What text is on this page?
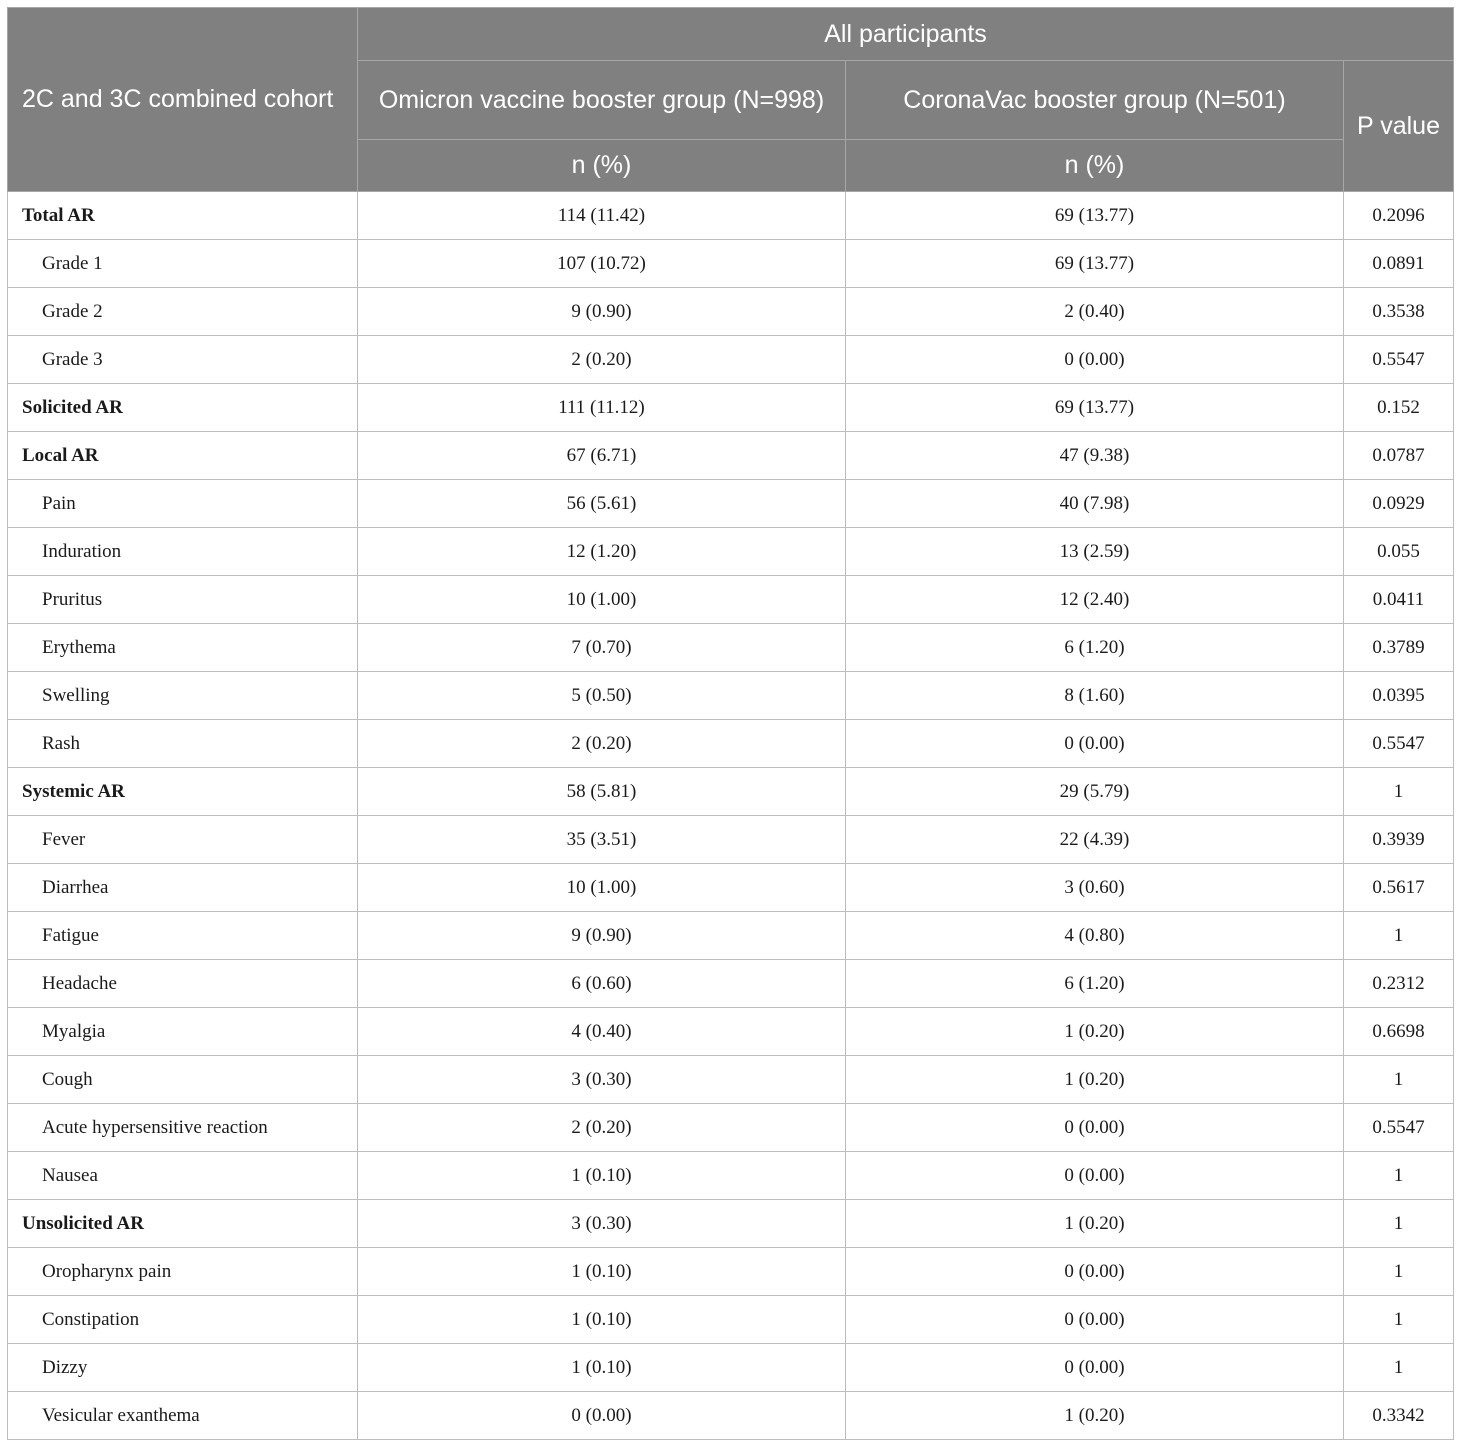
2C and 3C combined cohort	All participants		
	Omicron vaccine booster group (N=998)	CoronaVac booster group (N=501)	P value
	n (%)	n (%)	
Total AR	114 (11.42)	69 (13.77)	0.2096
Grade 1	107 (10.72)	69 (13.77)	0.0891
Grade 2	9 (0.90)	2 (0.40)	0.3538
Grade 3	2 (0.20)	0 (0.00)	0.5547
Solicited AR	111 (11.12)	69 (13.77)	0.152
Local AR	67 (6.71)	47 (9.38)	0.0787
Pain	56 (5.61)	40 (7.98)	0.0929
Induration	12 (1.20)	13 (2.59)	0.055
Pruritus	10 (1.00)	12 (2.40)	0.0411
Erythema	7 (0.70)	6 (1.20)	0.3789
Swelling	5 (0.50)	8 (1.60)	0.0395
Rash	2 (0.20)	0 (0.00)	0.5547
Systemic AR	58 (5.81)	29 (5.79)	1
Fever	35 (3.51)	22 (4.39)	0.3939
Diarrhea	10 (1.00)	3 (0.60)	0.5617
Fatigue	9 (0.90)	4 (0.80)	1
Headache	6 (0.60)	6 (1.20)	0.2312
Myalgia	4 (0.40)	1 (0.20)	0.6698
Cough	3 (0.30)	1 (0.20)	1
Acute hypersensitive reaction	2 (0.20)	0 (0.00)	0.5547
Nausea	1 (0.10)	0 (0.00)	1
Unsolicited AR	3 (0.30)	1 (0.20)	1
Oropharynx pain	1 (0.10)	0 (0.00)	1
Constipation	1 (0.10)	0 (0.00)	1
Dizzy	1 (0.10)	0 (0.00)	1
Vesicular exanthema	0 (0.00)	1 (0.20)	0.3342
